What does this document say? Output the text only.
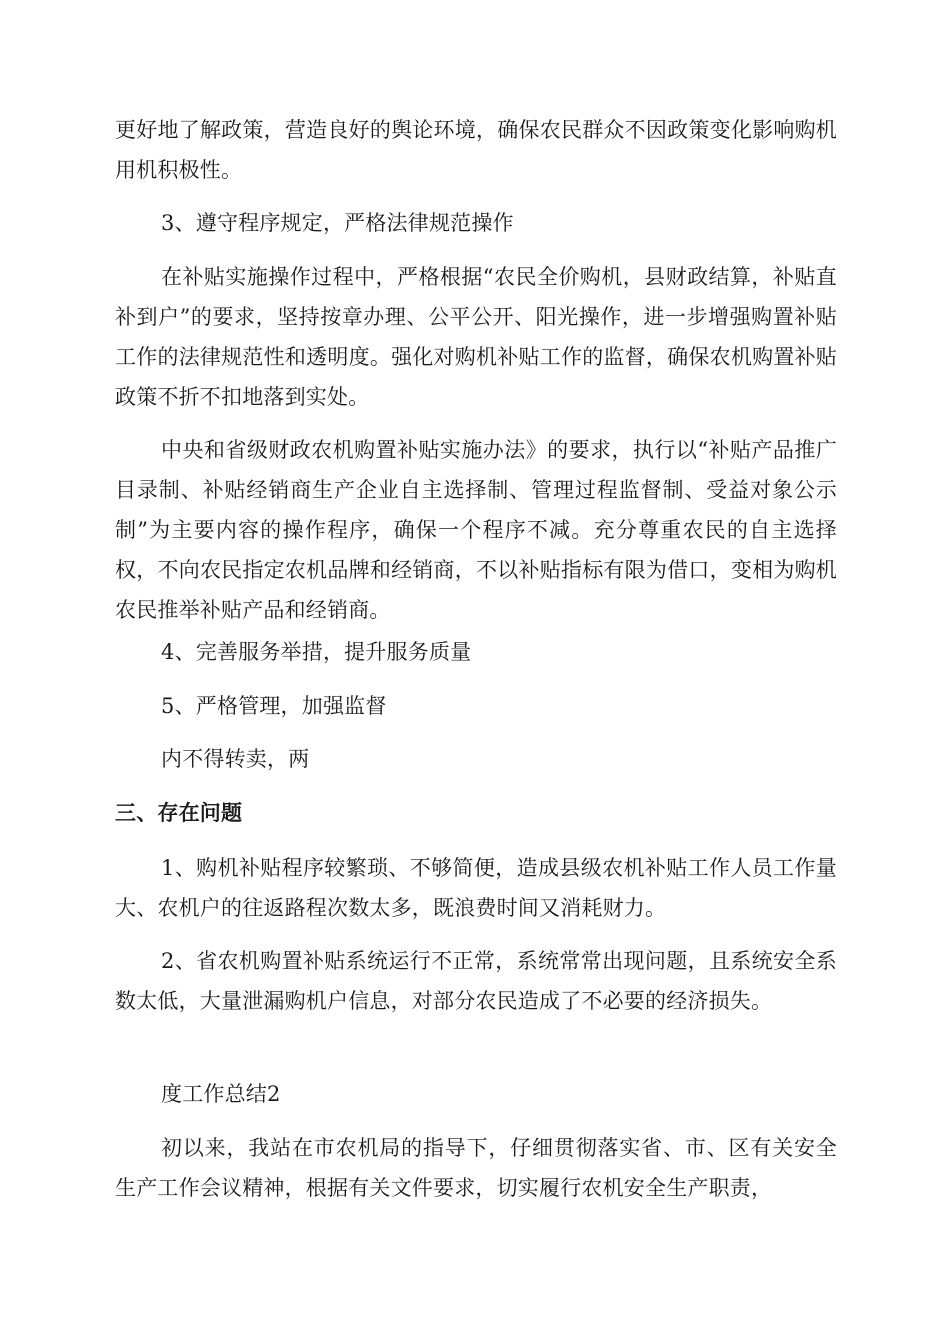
更好地了解政策，营造良好的舆论环境，确保农民群众不因政策变化影响购机用机积极性。

3、遵守程序规定，严格法律规范操作

在补贴实施操作过程中，严格根据“农民全价购机，县财政结算，补贴直补到户”的要求，坚持按章办理、公平公开、阳光操作，进一步增强购置补贴工作的法律规范性和透明度。强化对购机补贴工作的监督，确保农机购置补贴政策不折不扣地落到实处。

中央和省级财政农机购置补贴实施办法》的要求，执行以“补贴产品推广目录制、补贴经销商生产企业自主选择制、管理过程监督制、受益对象公示制”为主要内容的操作程序，确保一个程序不减。充分尊重农民的自主选择权，不向农民指定农机品牌和经销商，不以补贴指标有限为借口，变相为购机农民推举补贴产品和经销商。

4、完善服务举措，提升服务质量

5、严格管理，加强监督

内不得转卖，两

三、存在问题

1、购机补贴程序较繁琐、不够简便，造成县级农机补贴工作人员工作量大、农机户的往返路程次数太多，既浪费时间又消耗财力。

2、省农机购置补贴系统运行不正常，系统常常出现问题，且系统安全系数太低，大量泄漏购机户信息，对部分农民造成了不必要的经济损失。

度工作总结2

初以来，我站在市农机局的指导下，仔细贯彻落实省、市、区有关安全生产工作会议精神，根据有关文件要求，切实履行农机安全生产职责，
